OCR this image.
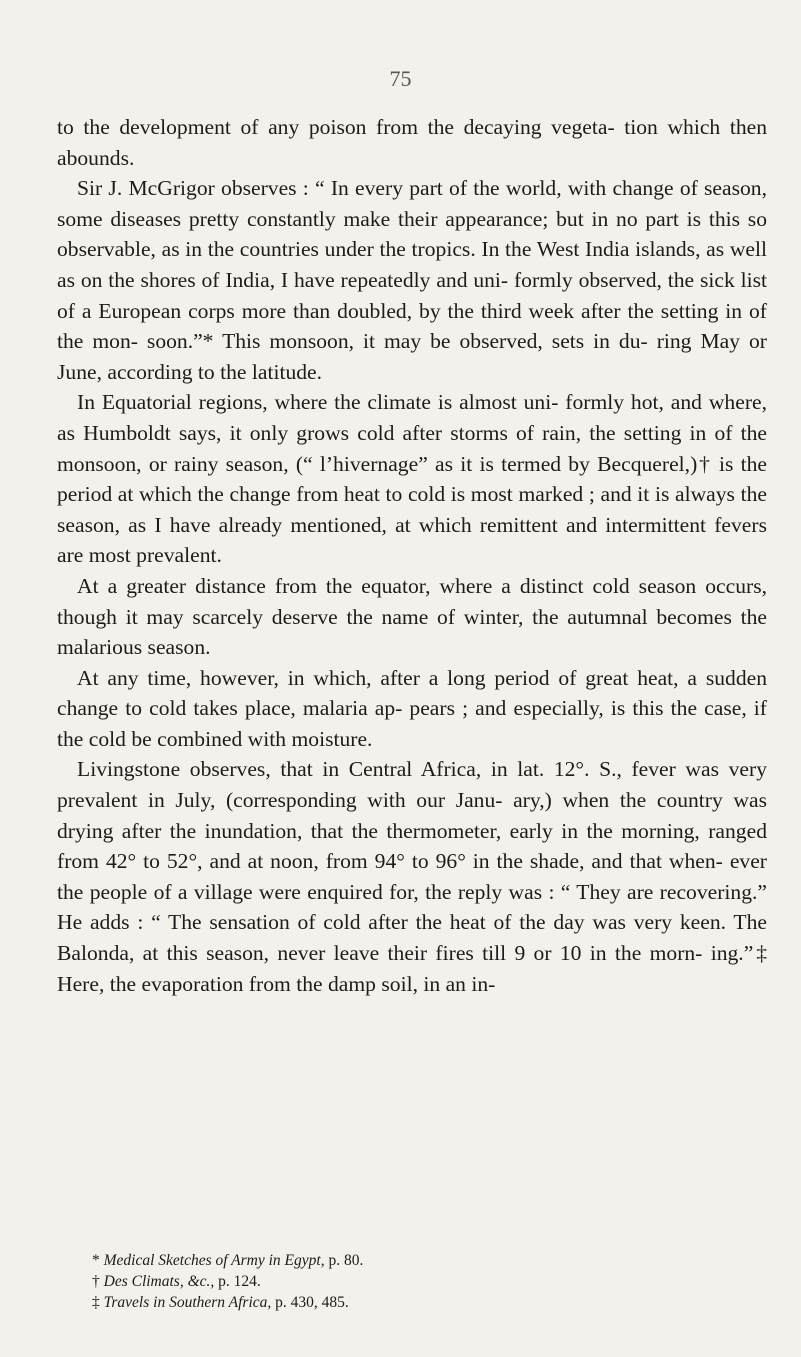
75

to the development of any poison from the decaying vegeta- tion which then abounds.

Sir J. McGrigor observes : “ In every part of the world, with change of season, some diseases pretty constantly make their appearance; but in no part is this so observable, as in the countries under the tropics. In the West India islands, as well as on the shores of India, I have repeatedly and uni- formly observed, the sick list of a European corps more than doubled, by the third week after the setting in of the mon- soon.”* This monsoon, it may be observed, sets in du- ring May or June, according to the latitude.

In Equatorial regions, where the climate is almost uni- formly hot, and where, as Humboldt says, it only grows cold after storms of rain, the setting in of the monsoon, or rainy season, (“ l’hivernage” as it is termed by Becquerel,)† is the period at which the change from heat to cold is most marked ; and it is always the season, as I have already mentioned, at which remittent and intermittent fevers are most prevalent.

At a greater distance from the equator, where a distinct cold season occurs, though it may scarcely deserve the name of winter, the autumnal becomes the malarious season.

At any time, however, in which, after a long period of great heat, a sudden change to cold takes place, malaria ap- pears ; and especially, is this the case, if the cold be combined with moisture.

Livingstone observes, that in Central Africa, in lat. 12°. S., fever was very prevalent in July, (corresponding with our Janu- ary,) when the country was drying after the inundation, that the thermometer, early in the morning, ranged from 42° to 52°, and at noon, from 94° to 96° in the shade, and that when- ever the people of a village were enquired for, the reply was : “ They are recovering.” He adds : “ The sensation of cold after the heat of the day was very keen. The Balonda, at this season, never leave their fires till 9 or 10 in the morn- ing.”‡ Here, the evaporation from the damp soil, in an in-

* Medical Sketches of Army in Egypt, p. 80.

† Des Climats, &c., p. 124.

‡ Travels in Southern Africa, p. 430, 485.
